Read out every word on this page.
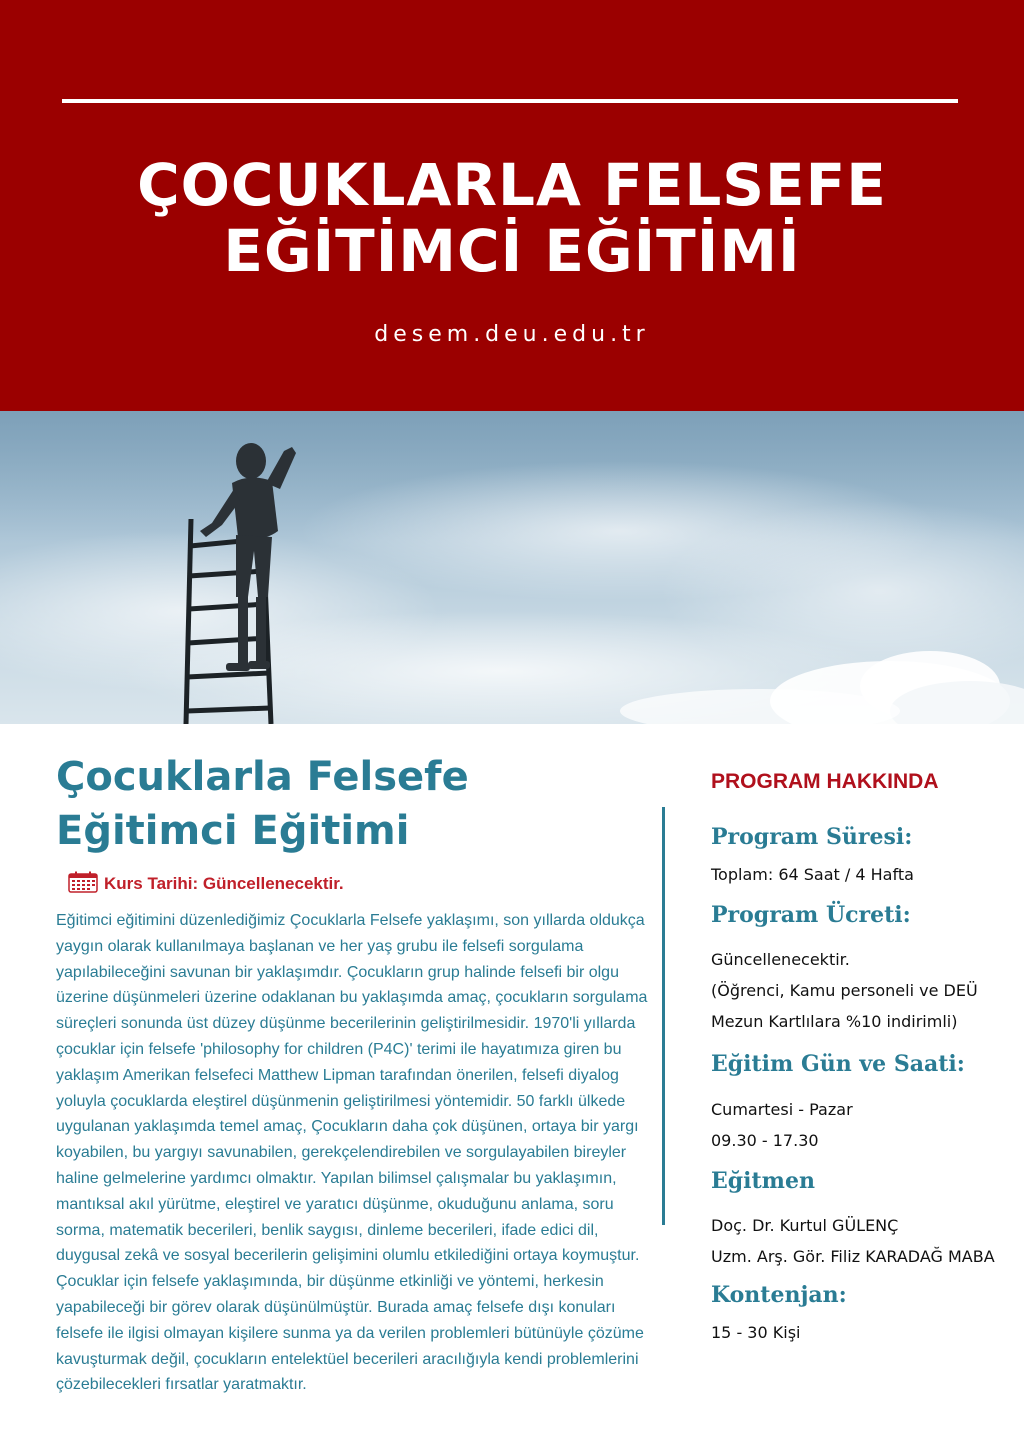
ÇOCUKLARLA FELSEFE
EĞİTİMCİ EĞİTİMİ
desem.deu.edu.tr
Çocuklarla Felsefe
Eğitimci Eğitimi
Kurs Tarihi: Güncellenecektir.
Eğitimci eğitimini düzenlediğimiz Çocuklarla Felsefe yaklaşımı, son yıllarda oldukça yaygın olarak kullanılmaya başlanan ve her yaş grubu ile felsefi sorgulama yapılabileceğini savunan bir yaklaşımdır. Çocukların grup halinde felsefi bir olgu üzerine düşünmeleri üzerine odaklanan bu yaklaşımda amaç, çocukların sorgulama süreçleri sonunda üst düzey düşünme becerilerinin geliştirilmesidir. 1970'li yıllarda çocuklar için felsefe 'philosophy for children (P4C)' terimi ile hayatımıza giren bu yaklaşım Amerikan felsefeci Matthew Lipman tarafından önerilen, felsefi diyalog yoluyla çocuklarda eleştirel düşünmenin geliştirilmesi yöntemidir. 50 farklı ülkede uygulanan yaklaşımda temel amaç, Çocukların daha çok düşünen, ortaya bir yargı koyabilen, bu yargıyı savunabilen, gerekçelendirebilen ve sorgulayabilen bireyler haline gelmelerine yardımcı olmaktır. Yapılan bilimsel çalışmalar bu yaklaşımın, mantıksal akıl yürütme, eleştirel ve yaratıcı düşünme, okuduğunu anlama, soru sorma, matematik becerileri, benlik saygısı, dinleme becerileri, ifade edici dil, duygusal zekâ ve sosyal becerilerin gelişimini olumlu etkilediğini ortaya koymuştur. Çocuklar için felsefe yaklaşımında, bir düşünme etkinliği ve yöntemi, herkesin yapabileceği bir görev olarak düşünülmüştür. Burada amaç felsefe dışı konuları felsefe ile ilgisi olmayan kişilere sunma ya da verilen problemleri bütünüyle çözüme kavuşturmak değil, çocukların entelektüel becerileri aracılığıyla kendi problemlerini çözebilecekleri fırsatlar yaratmaktır.
PROGRAM HAKKINDA
Program Süresi:
Toplam: 64 Saat / 4 Hafta
Program Ücreti:
Güncellenecektir.
(Öğrenci, Kamu personeli ve DEÜ
Mezun Kartlılara %10 indirimli)
Eğitim Gün ve Saati:
Cumartesi - Pazar
09.30 - 17.30
Eğitmen
Doç. Dr. Kurtul GÜLENÇ
Uzm. Arş. Gör. Filiz KARADAĞ MABA
Kontenjan:
15 - 30 Kişi
